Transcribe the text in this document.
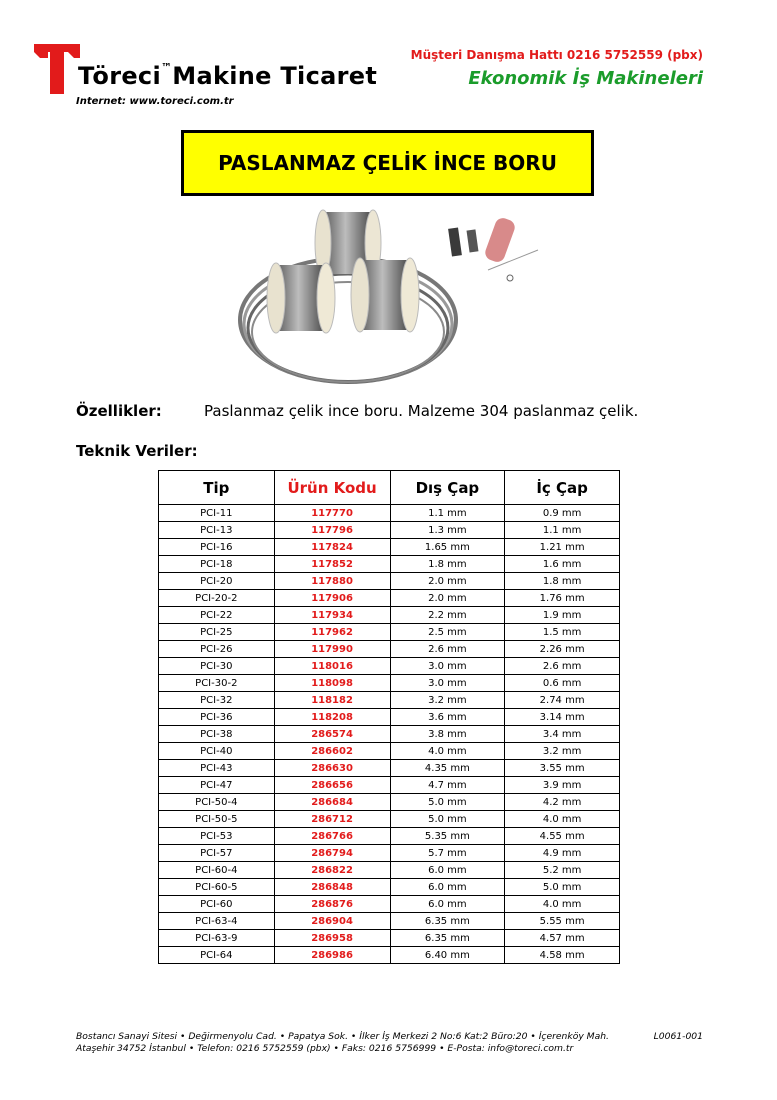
Töreci™Makine Ticaret
Internet: www.toreci.com.tr
Müşteri Danışma Hattı 0216 5752559 (pbx)
Ekonomik İş Makineleri
PASLANMAZ ÇELİK İNCE BORU
Özellikler:	Paslanmaz çelik ince boru. Malzeme 304 paslanmaz çelik.
Teknik Veriler:
Tip	Ürün Kodu	Dış Çap	İç Çap
PCI-11	117770	1.1 mm	0.9 mm
PCI-13	117796	1.3 mm	1.1 mm
PCI-16	117824	1.65 mm	1.21 mm
PCI-18	117852	1.8 mm	1.6 mm
PCI-20	117880	2.0 mm	1.8 mm
PCI-20-2	117906	2.0 mm	1.76 mm
PCI-22	117934	2.2 mm	1.9 mm
PCI-25	117962	2.5 mm	1.5 mm
PCI-26	117990	2.6 mm	2.26 mm
PCI-30	118016	3.0 mm	2.6 mm
PCI-30-2	118098	3.0 mm	0.6 mm
PCI-32	118182	3.2 mm	2.74 mm
PCI-36	118208	3.6 mm	3.14 mm
PCI-38	286574	3.8 mm	3.4 mm
PCI-40	286602	4.0 mm	3.2 mm
PCI-43	286630	4.35 mm	3.55 mm
PCI-47	286656	4.7 mm	3.9 mm
PCI-50-4	286684	5.0 mm	4.2 mm
PCI-50-5	286712	5.0 mm	4.0 mm
PCI-53	286766	5.35 mm	4.55 mm
PCI-57	286794	5.7 mm	4.9 mm
PCI-60-4	286822	6.0 mm	5.2 mm
PCI-60-5	286848	6.0 mm	5.0 mm
PCI-60	286876	6.0 mm	4.0 mm
PCI-63-4	286904	6.35 mm	5.55 mm
PCI-63-9	286958	6.35 mm	4.57 mm
PCI-64	286986	6.40 mm	4.58 mm
Bostancı Sanayi Sitesi • Değirmenyolu Cad. • Papatya Sok. • İlker İş Merkezi 2 No:6 Kat:2 Büro:20 • İçerenköy Mah.
Ataşehir 34752 İstanbul • Telefon: 0216 5752559 (pbx) • Faks: 0216 5756999 • E-Posta: info@toreci.com.tr
L0061-001
